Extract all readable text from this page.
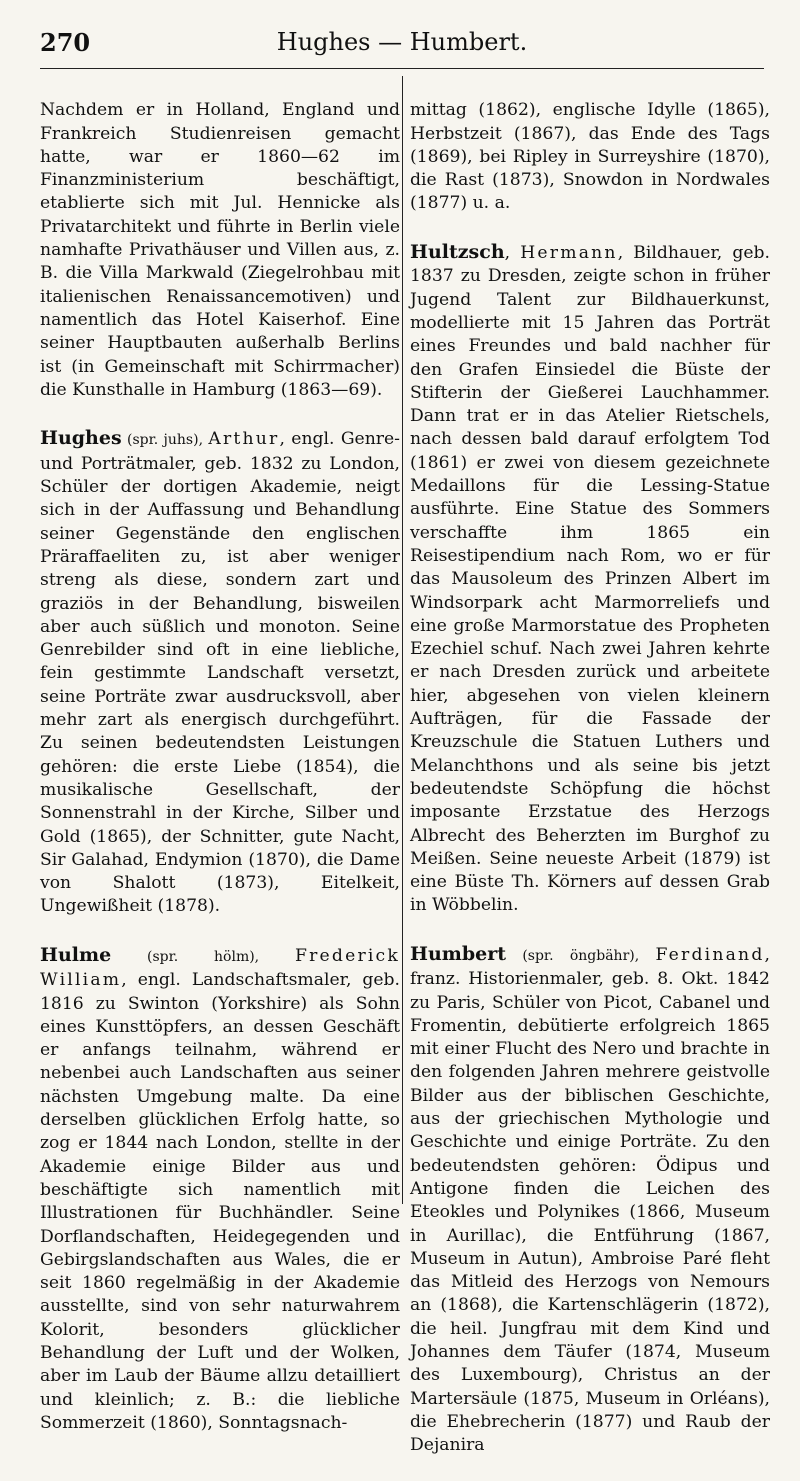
270	Hughes — Humbert.

Nachdem er in Holland, England und Frankreich Studienreisen gemacht hatte, war er 1860—62 im Finanzministerium beschäftigt, etablierte sich mit Jul. Hennicke als Privatarchitekt und führte in Berlin viele namhafte Privathäuser und Villen aus, z. B. die Villa Markwald (Ziegelrohbau mit italienischen Renaissancemotiven) und namentlich das Hotel Kaiserhof. Eine seiner Hauptbauten außerhalb Berlins ist (in Gemeinschaft mit Schirrmacher) die Kunsthalle in Hamburg (1863—69).

Hughes (spr. juhs), Arthur, engl. Genre- und Porträtmaler, geb. 1832 zu London, Schüler der dortigen Akademie, neigt sich in der Auffassung und Behandlung seiner Gegenstände den englischen Präraffaeliten zu, ist aber weniger streng als diese, sondern zart und graziös in der Behandlung, bisweilen aber auch süßlich und monoton. Seine Genrebilder sind oft in eine liebliche, fein gestimmte Landschaft versetzt, seine Porträte zwar ausdrucksvoll, aber mehr zart als energisch durchgeführt. Zu seinen bedeutendsten Leistungen gehören: die erste Liebe (1854), die musikalische Gesellschaft, der Sonnenstrahl in der Kirche, Silber und Gold (1865), der Schnitter, gute Nacht, Sir Galahad, Endymion (1870), die Dame von Shalott (1873), Eitelkeit, Ungewißheit (1878).

Hulme (spr. hölm), Frederick William, engl. Landschaftsmaler, geb. 1816 zu Swinton (Yorkshire) als Sohn eines Kunsttöpfers, an dessen Geschäft er anfangs teilnahm, während er nebenbei auch Landschaften aus seiner nächsten Umgebung malte. Da eine derselben glücklichen Erfolg hatte, so zog er 1844 nach London, stellte in der Akademie einige Bilder aus und beschäftigte sich namentlich mit Illustrationen für Buchhändler. Seine Dorflandschaften, Heidegegenden und Gebirgslandschaften aus Wales, die er seit 1860 regelmäßig in der Akademie ausstellte, sind von sehr naturwahrem Kolorit, besonders glücklicher Behandlung der Luft und der Wolken, aber im Laub der Bäume allzu detailliert und kleinlich; z. B.: die liebliche Sommerzeit (1860), Sonntagsnach-

mittag (1862), englische Idylle (1865), Herbstzeit (1867), das Ende des Tags (1869), bei Ripley in Surreyshire (1870), die Rast (1873), Snowdon in Nordwales (1877) u. a.

Hultzsch, Hermann, Bildhauer, geb. 1837 zu Dresden, zeigte schon in früher Jugend Talent zur Bildhauerkunst, modellierte mit 15 Jahren das Porträt eines Freundes und bald nachher für den Grafen Einsiedel die Büste der Stifterin der Gießerei Lauchhammer. Dann trat er in das Atelier Rietschels, nach dessen bald darauf erfolgtem Tod (1861) er zwei von diesem gezeichnete Medaillons für die Lessing-Statue ausführte. Eine Statue des Sommers verschaffte ihm 1865 ein Reisestipendium nach Rom, wo er für das Mausoleum des Prinzen Albert im Windsorpark acht Marmorreliefs und eine große Marmorstatue des Propheten Ezechiel schuf. Nach zwei Jahren kehrte er nach Dresden zurück und arbeitete hier, abgesehen von vielen kleinern Aufträgen, für die Fassade der Kreuzschule die Statuen Luthers und Melanchthons und als seine bis jetzt bedeutendste Schöpfung die höchst imposante Erzstatue des Herzogs Albrecht des Beherzten im Burghof zu Meißen. Seine neueste Arbeit (1879) ist eine Büste Th. Körners auf dessen Grab in Wöbbelin.

Humbert (spr. öngbähr), Ferdinand, franz. Historienmaler, geb. 8. Okt. 1842 zu Paris, Schüler von Picot, Cabanel und Fromentin, debütierte erfolgreich 1865 mit einer Flucht des Nero und brachte in den folgenden Jahren mehrere geistvolle Bilder aus der biblischen Geschichte, aus der griechischen Mythologie und Geschichte und einige Porträte. Zu den bedeutendsten gehören: Ödipus und Antigone finden die Leichen des Eteokles und Polynikes (1866, Museum in Aurillac), die Entführung (1867, Museum in Autun), Ambroise Paré fleht das Mitleid des Herzogs von Nemours an (1868), die Kartenschlägerin (1872), die heil. Jungfrau mit dem Kind und Johannes dem Täufer (1874, Museum des Luxembourg), Christus an der Martersäule (1875, Museum in Orléans), die Ehebrecherin (1877) und Raub der Dejanira
